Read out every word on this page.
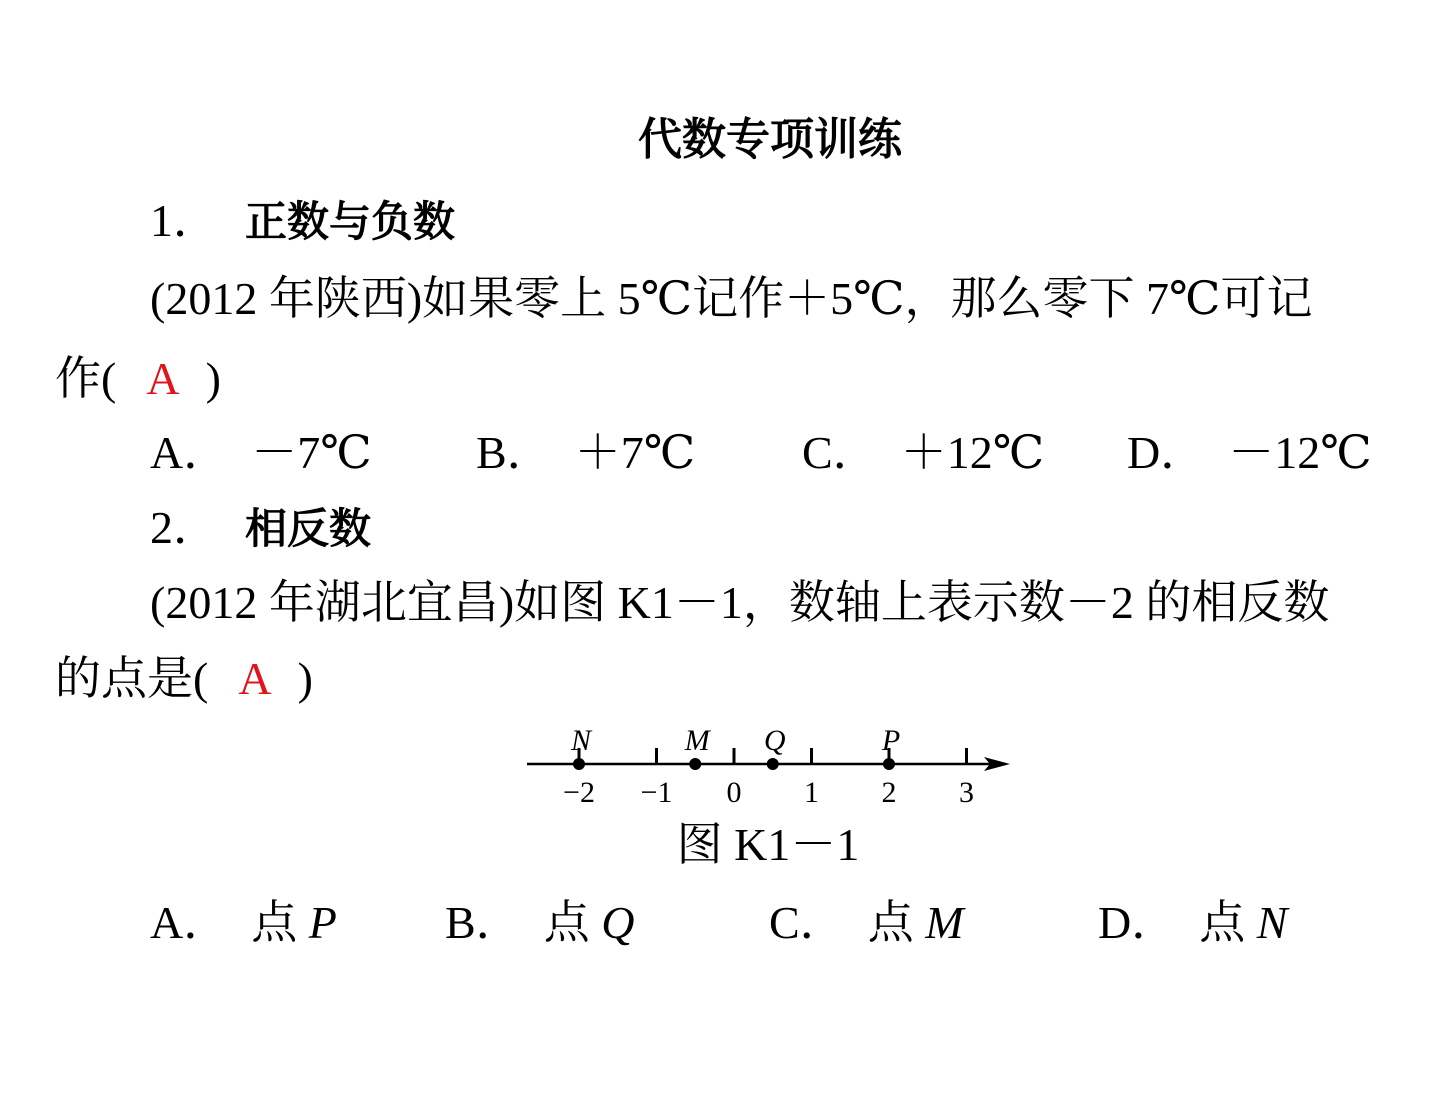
代数专项训练
1． 正数与负数
(2012 年陕西)如果零上 5℃记作＋5℃，那么零下 7℃可记
作( A )
A． －7℃ B． ＋7℃ C． ＋12℃ D． －12℃
2． 相反数
(2012 年湖北宜昌)如图 K1－1，数轴上表示数－2 的相反数
的点是( A )
−2 −1 0 1 2 3
N	M Q	P
图 K1－1
A． 点 P B． 点 Q	C． 点 M	D． 点 N
